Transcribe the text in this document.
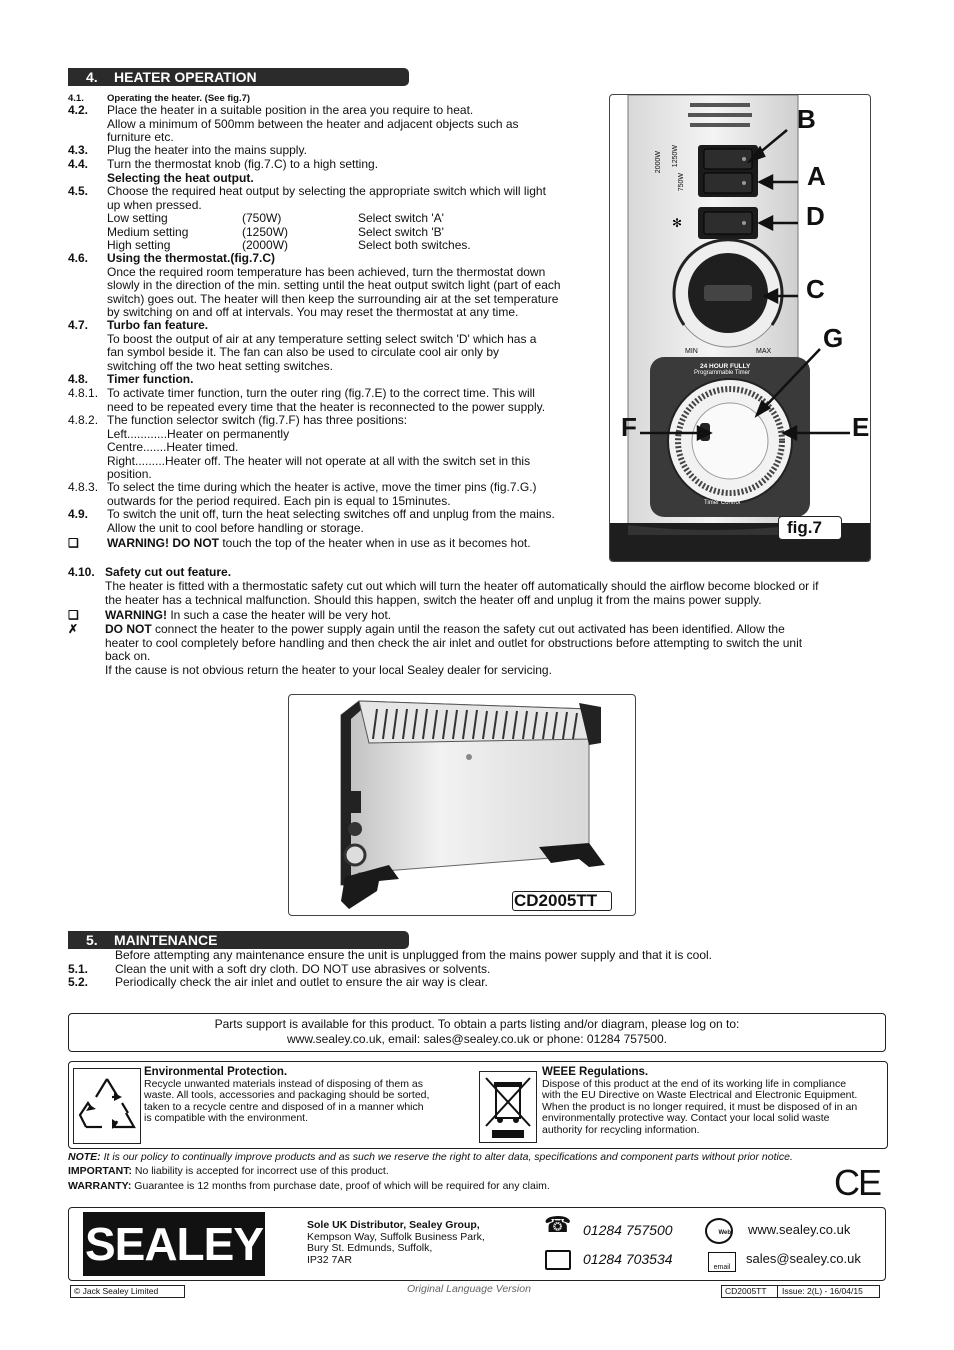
4. HEATER OPERATION
4.1. Operating the heater. (See fig.7)
4.2. Place the heater in a suitable position in the area you require to heat.
Allow a minimum of 500mm between the heater and adjacent objects such as
furniture etc.
4.3. Plug the heater into the mains supply.
4.4. Turn the thermostat knob (fig.7.C) to a high setting.
Selecting the heat output.
4.5. Choose the required heat output by selecting the appropriate switch which will light
up when pressed.
Low setting	(750W)	Select switch 'A'
Medium setting	(1250W)	Select switch 'B'
High setting	(2000W)	Select both switches.
4.6. Using the thermostat.(fig.7.C)
Once the required room temperature has been achieved, turn the thermostat down
slowly in the direction of the min. setting until the heat output switch light (part of each
switch) goes out. The heater will then keep the surrounding air at the set temperature
by switching on and off at intervals. You may reset the thermostat at any time.
4.7. Turbo fan feature.
To boost the output of air at any temperature setting select switch 'D' which has a
fan symbol beside it. The fan can also be used to circulate cool air only by
switching off the two heat setting switches.
4.8. Timer function.
4.8.1. To activate timer function, turn the outer ring (fig.7.E) to the correct time. This will
need to be repeated every time that the heater is reconnected to the power supply.
4.8.2. The function selector switch (fig.7.F) has three positions:
Left............Heater on permanently
Centre.......Heater timed.
Right.........Heater off. The heater will not operate at all with the switch set in this
position.
4.8.3. To select the time during which the heater is active, move the timer pins (fig.7.G.)
outwards for the period required. Each pin is equal to 15minutes.
4.9. To switch the unit off, turn the heat selecting switches off and unplug from the mains.
Allow the unit to cool before handling or storage.
❑ WARNING! DO NOT touch the top of the heater when in use as it becomes hot.
4.10. Safety cut out feature.
The heater is fitted with a thermostatic safety cut out which will turn the heater off automatically should the airflow become blocked or if
the heater has a technical malfunction. Should this happen, switch the heater off and unplug it from the mains power supply.
❑ WARNING! In such a case the heater will be very hot.
✗ DO NOT connect the heater to the power supply again until the reason the safety cut out activated has been identified. Allow the
heater to cool completely before handling and then check the air inlet and outlet for obstructions before attempting to switch the unit
back on.
If the cause is not obvious return the heater to your local Sealey dealer for servicing.
✻
2000W 1250W
750W
MIN	MAX
24 HOUR FULLY
Programmable Timer
Timer Control
fig.7
B
A
D
C
G
F	E
CD2005TT
5. MAINTENANCE
Before attempting any maintenance ensure the unit is unplugged from the mains power supply and that it is cool.
5.1. Clean the unit with a soft dry cloth. DO NOT use abrasives or solvents.
5.2. Periodically check the air inlet and outlet to ensure the air way is clear.
Parts support is available for this product. To obtain a parts listing and/or diagram, please log on to:
www.sealey.co.uk, email: sales@sealey.co.uk or phone: 01284 757500.
Environmental Protection.
Recycle unwanted materials instead of disposing of them as
waste. All tools, accessories and packaging should be sorted,
taken to a recycle centre and disposed of in a manner which
is compatible with the environment.
WEEE Regulations.
Dispose of this product at the end of its working life in compliance
with the EU Directive on Waste Electrical and Electronic Equipment.
When the product is no longer required, it must be disposed of in an
environmentally protective way. Contact your local solid waste
authority for recycling information.
NOTE: It is our policy to continually improve products and as such we reserve the right to alter data, specifications and component parts without prior notice.
IMPORTANT: No liability is accepted for incorrect use of this product.
WARRANTY: Guarantee is 12 months from purchase date, proof of which will be required for any claim.	CE
SEALEY	Sole UK Distributor, Sealey Group,
Kempson Way, Suffolk Business Park,
Bury St. Edmunds, Suffolk,
IP32 7AR
☎ 01284 757500
01284 703534
Web www.sealey.co.uk
email
sales@sealey.co.uk
© Jack Sealey Limited	Original Language Version	CD2005TT Issue: 2(L) - 16/04/15
